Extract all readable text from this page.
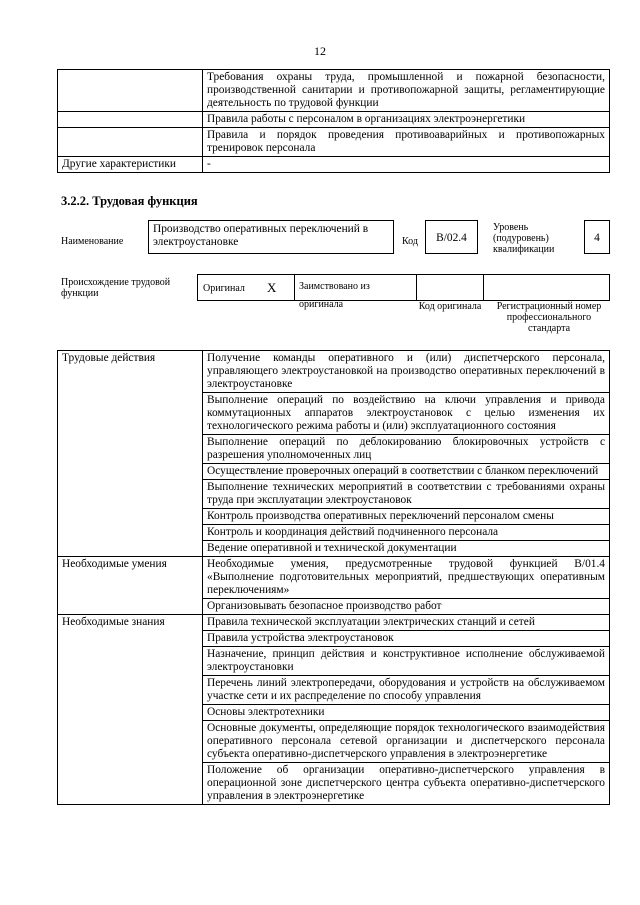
12
	Требования охраны труда, промышленной и пожарной безопасности, производственной санитарии и противопожарной защиты, регламентирующие деятельность по трудовой функции
	Правила работы с персоналом в организациях электроэнергетики
	Правила и порядок проведения противоаварийных и противопожарных тренировок персонала
Другие характеристики	-
3.2.2. Трудовая функция
Наименование
Производство оперативных переключений в электроустановке	Код	B/02.4
Уровень (подуровень) квалификации
4
Происхождение трудовой функции	Оригинал X	Заимствовано из оригинала	Код оригинала	Регистрационный номер профессионального стандарта
Трудовые действия	Получение команды оперативного и (или) диспетчерского персонала, управляющего электроустановкой на производство оперативных переключений в электроустановке
	Выполнение операций по воздействию на ключи управления и привода коммутационных аппаратов электроустановок с целью изменения их технологического режима работы и (или) эксплуатационного состояния
	Выполнение операций по деблокированию блокировочных устройств с разрешения уполномоченных лиц
	Осуществление проверочных операций в соответствии с бланком переключений
	Выполнение технических мероприятий в соответствии с требованиями охраны труда при эксплуатации электроустановок
	Контроль производства оперативных переключений персоналом смены
	Контроль и координация действий подчиненного персонала
	Ведение оперативной и технической документации
Необходимые умения	Необходимые умения, предусмотренные трудовой функцией B/01.4 «Выполнение подготовительных мероприятий, предшествующих оперативным переключениям»
	Организовывать безопасное производство работ
Необходимые знания	Правила технической эксплуатации электрических станций и сетей
	Правила устройства электроустановок
	Назначение, принцип действия и конструктивное исполнение обслуживаемой электроустановки
	Перечень линий электропередачи, оборудования и устройств на обслуживаемом участке сети и их распределение по способу управления
	Основы электротехники
	Основные документы, определяющие порядок технологического взаимодействия оперативного персонала сетевой организации и диспетчерского персонала субъекта оперативно-диспетчерского управления в электроэнергетике
	Положение об организации оперативно-диспетчерского управления в операционной зоне диспетчерского центра субъекта оперативно-диспетчерского управления в электроэнергетике
